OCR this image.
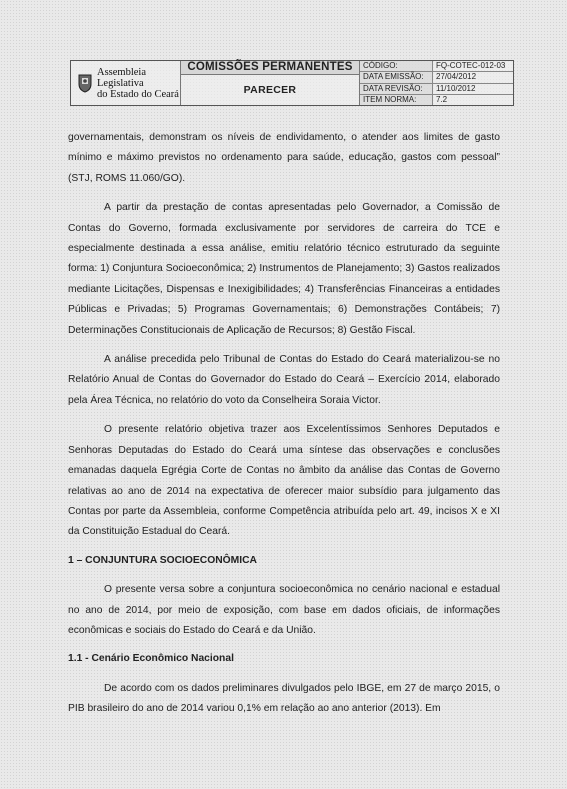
Assembleia Legislativa
do Estado do Ceará
COMISSÕES PERMANENTES
PARECER
CÓDIGO:	FQ-COTEC-012-03
DATA EMISSÃO:	27/04/2012
DATA REVISÃO:	11/10/2012
ITEM NORMA:	7.2

governamentais, demonstram os níveis de endividamento, o atender aos limites de gasto mínimo e máximo previstos no ordenamento para saúde, educação, gastos com pessoal” (STJ, ROMS 11.060/GO).

A partir da prestação de contas apresentadas pelo Governador, a Comissão de Contas do Governo, formada exclusivamente por servidores de carreira do TCE e especialmente destinada a essa análise, emitiu relatório técnico estruturado da seguinte forma: 1) Conjuntura Socioeconômica; 2) Instrumentos de Planejamento; 3) Gastos realizados mediante Licitações, Dispensas e Inexigibilidades; 4) Transferências Financeiras a entidades Públicas e Privadas; 5) Programas Governamentais; 6) Demonstrações Contábeis; 7) Determinações Constitucionais de Aplicação de Recursos; 8) Gestão Fiscal.

A análise precedida pelo Tribunal de Contas do Estado do Ceará materializou-se no Relatório Anual de Contas do Governador do Estado do Ceará – Exercício 2014, elaborado pela Área Técnica, no relatório do voto da Conselheira Soraia Victor.

O presente relatório objetiva trazer aos Excelentíssimos Senhores Deputados e Senhoras Deputadas do Estado do Ceará uma síntese das observações e conclusões emanadas daquela Egrégia Corte de Contas no âmbito da análise das Contas de Governo relativas ao ano de 2014 na expectativa de oferecer maior subsídio para julgamento das Contas por parte da Assembleia, conforme Competência atribuída pelo art. 49, incisos X e XI da Constituição Estadual do Ceará.

1 – CONJUNTURA SOCIOECONÔMICA

O presente versa sobre a conjuntura socioeconômica no cenário nacional e estadual no ano de 2014, por meio de exposição, com base em dados oficiais, de informações econômicas e sociais do Estado do Ceará e da União.

1.1 - Cenário Econômico Nacional

De acordo com os dados preliminares divulgados pelo IBGE, em 27 de março 2015, o PIB brasileiro do ano de 2014 variou 0,1% em relação ao ano anterior (2013). Em
